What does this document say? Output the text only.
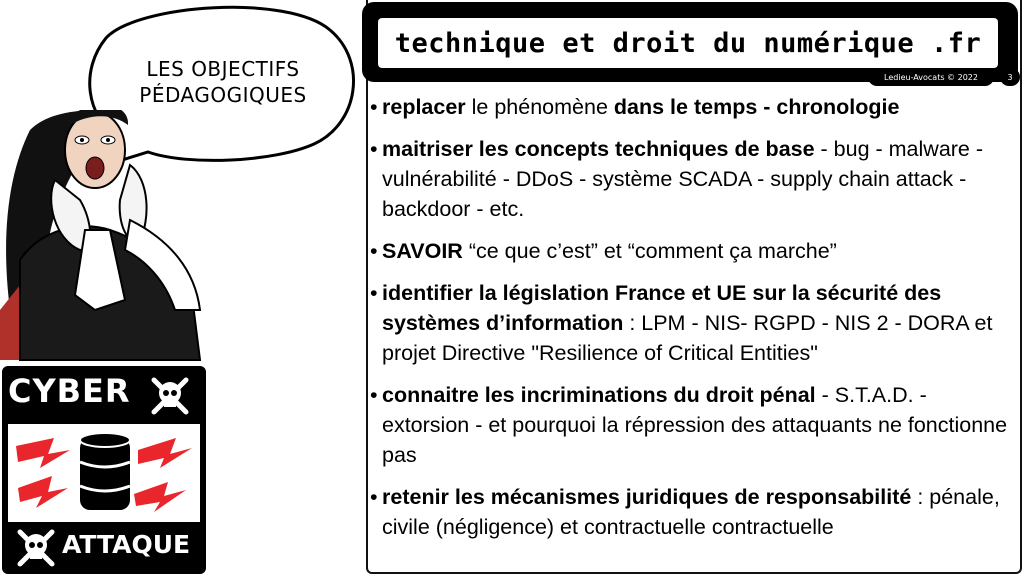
technique et droit du numérique .fr
Ledieu-Avocats © 2022	3
• replacer le phénomène dans le temps - chronologie
• maitriser les concepts techniques de base - bug - malware - vulnérabilité - DDoS - système SCADA - supply chain attack - backdoor - etc.
• SAVOIR “ce que c’est” et “comment ça marche”
• identifier la législation France et UE sur la sécurité des systèmes d’information : LPM - NIS- RGPD - NIS 2 - DORA et projet Directive "Resilience of Critical Entities"
• connaitre les incriminations du droit pénal - S.T.A.D. - extorsion - et pourquoi la répression des attaquants ne fonctionne pas
• retenir les mécanismes juridiques de responsabilité : pénale, civile (négligence) et contractuelle contractuelle
LES OBJECTIFS
PÉDAGOGIQUES
CYBER
ATTAQUE
